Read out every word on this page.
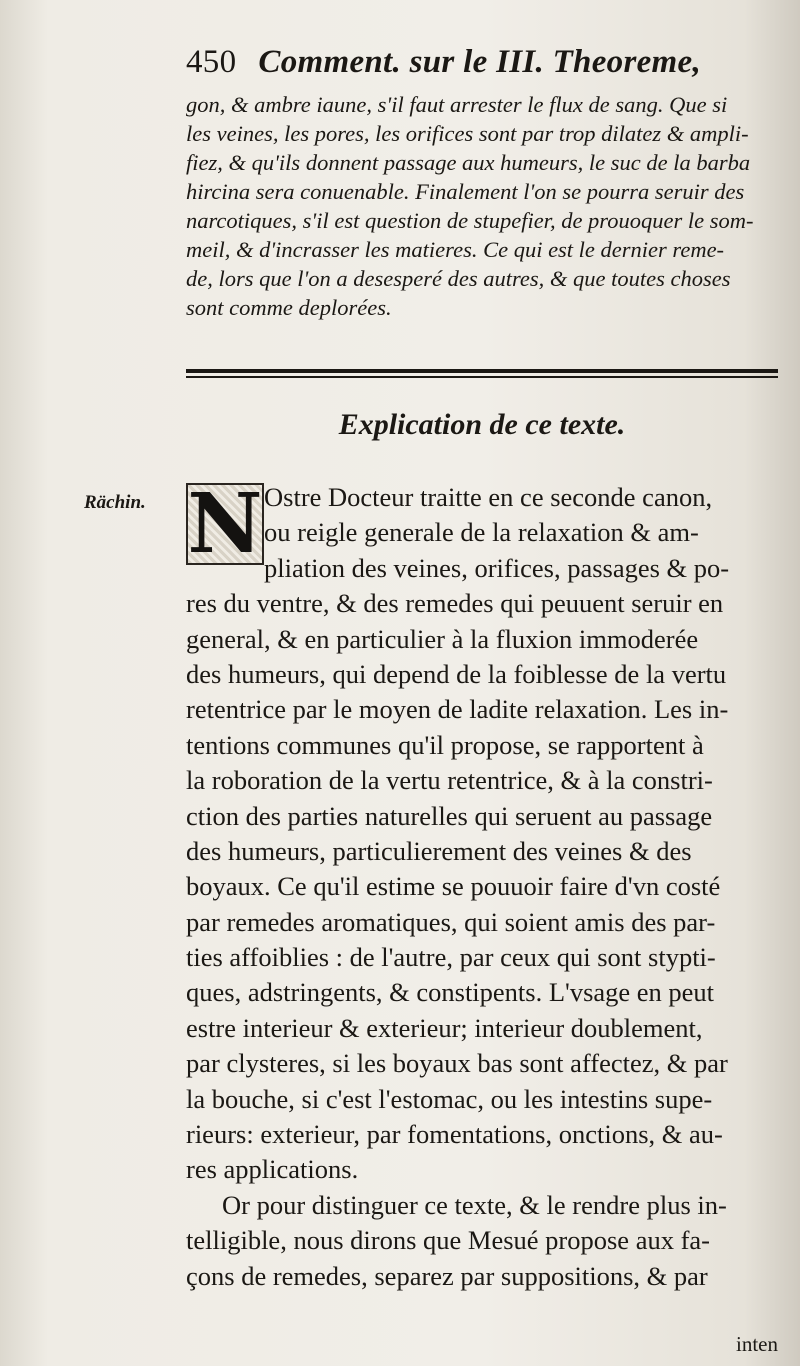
450 Comment. sur le III. Theoreme,
gon, & ambre iaune, s'il faut arrester le flux de sang. Que si
les veines, les pores, les orifices sont par trop dilatez & ampli-
fiez, & qu'ils donnent passage aux humeurs, le suc de la barba
hircina sera conuenable. Finalement l'on se pourra seruir des
narcotiques, s'il est question de stupefier, de prouoquer le som-
meil, & d'incrasser les matieres. Ce qui est le dernier reme-
de, lors que l'on a desesperé des autres, & que toutes choses
sont comme deplorées.
Explication de ce texte.
Rächin. N Ostre Docteur traitte en ce seconde canon,
ou reigle generale de la relaxation & am-
pliation des veines, orifices, passages & po-
res du ventre, & des remedes qui peuuent seruir en
general, & en particulier à la fluxion immoderée
des humeurs, qui depend de la foiblesse de la vertu
retentrice par le moyen de ladite relaxation. Les in-
tentions communes qu'il propose, se rapportent à
la roboration de la vertu retentrice, & à la constri-
ction des parties naturelles qui seruent au passage
des humeurs, particulierement des veines & des
boyaux. Ce qu'il estime se pouuoir faire d'vn costé
par remedes aromatiques, qui soient amis des par-
ties affoiblies : de l'autre, par ceux qui sont stypti-
ques, adstringents, & constipents. L'vsage en peut
estre interieur & exterieur; interieur doublement,
par clysteres, si les boyaux bas sont affectez, & par
la bouche, si c'est l'estomac, ou les intestins supe-
rieurs: exterieur, par fomentations, onctions, & au-
res applications.
Or pour distinguer ce texte, & le rendre plus in-
telligible, nous dirons que Mesué propose aux fa-
çons de remedes, separez par suppositions, & par
inten
